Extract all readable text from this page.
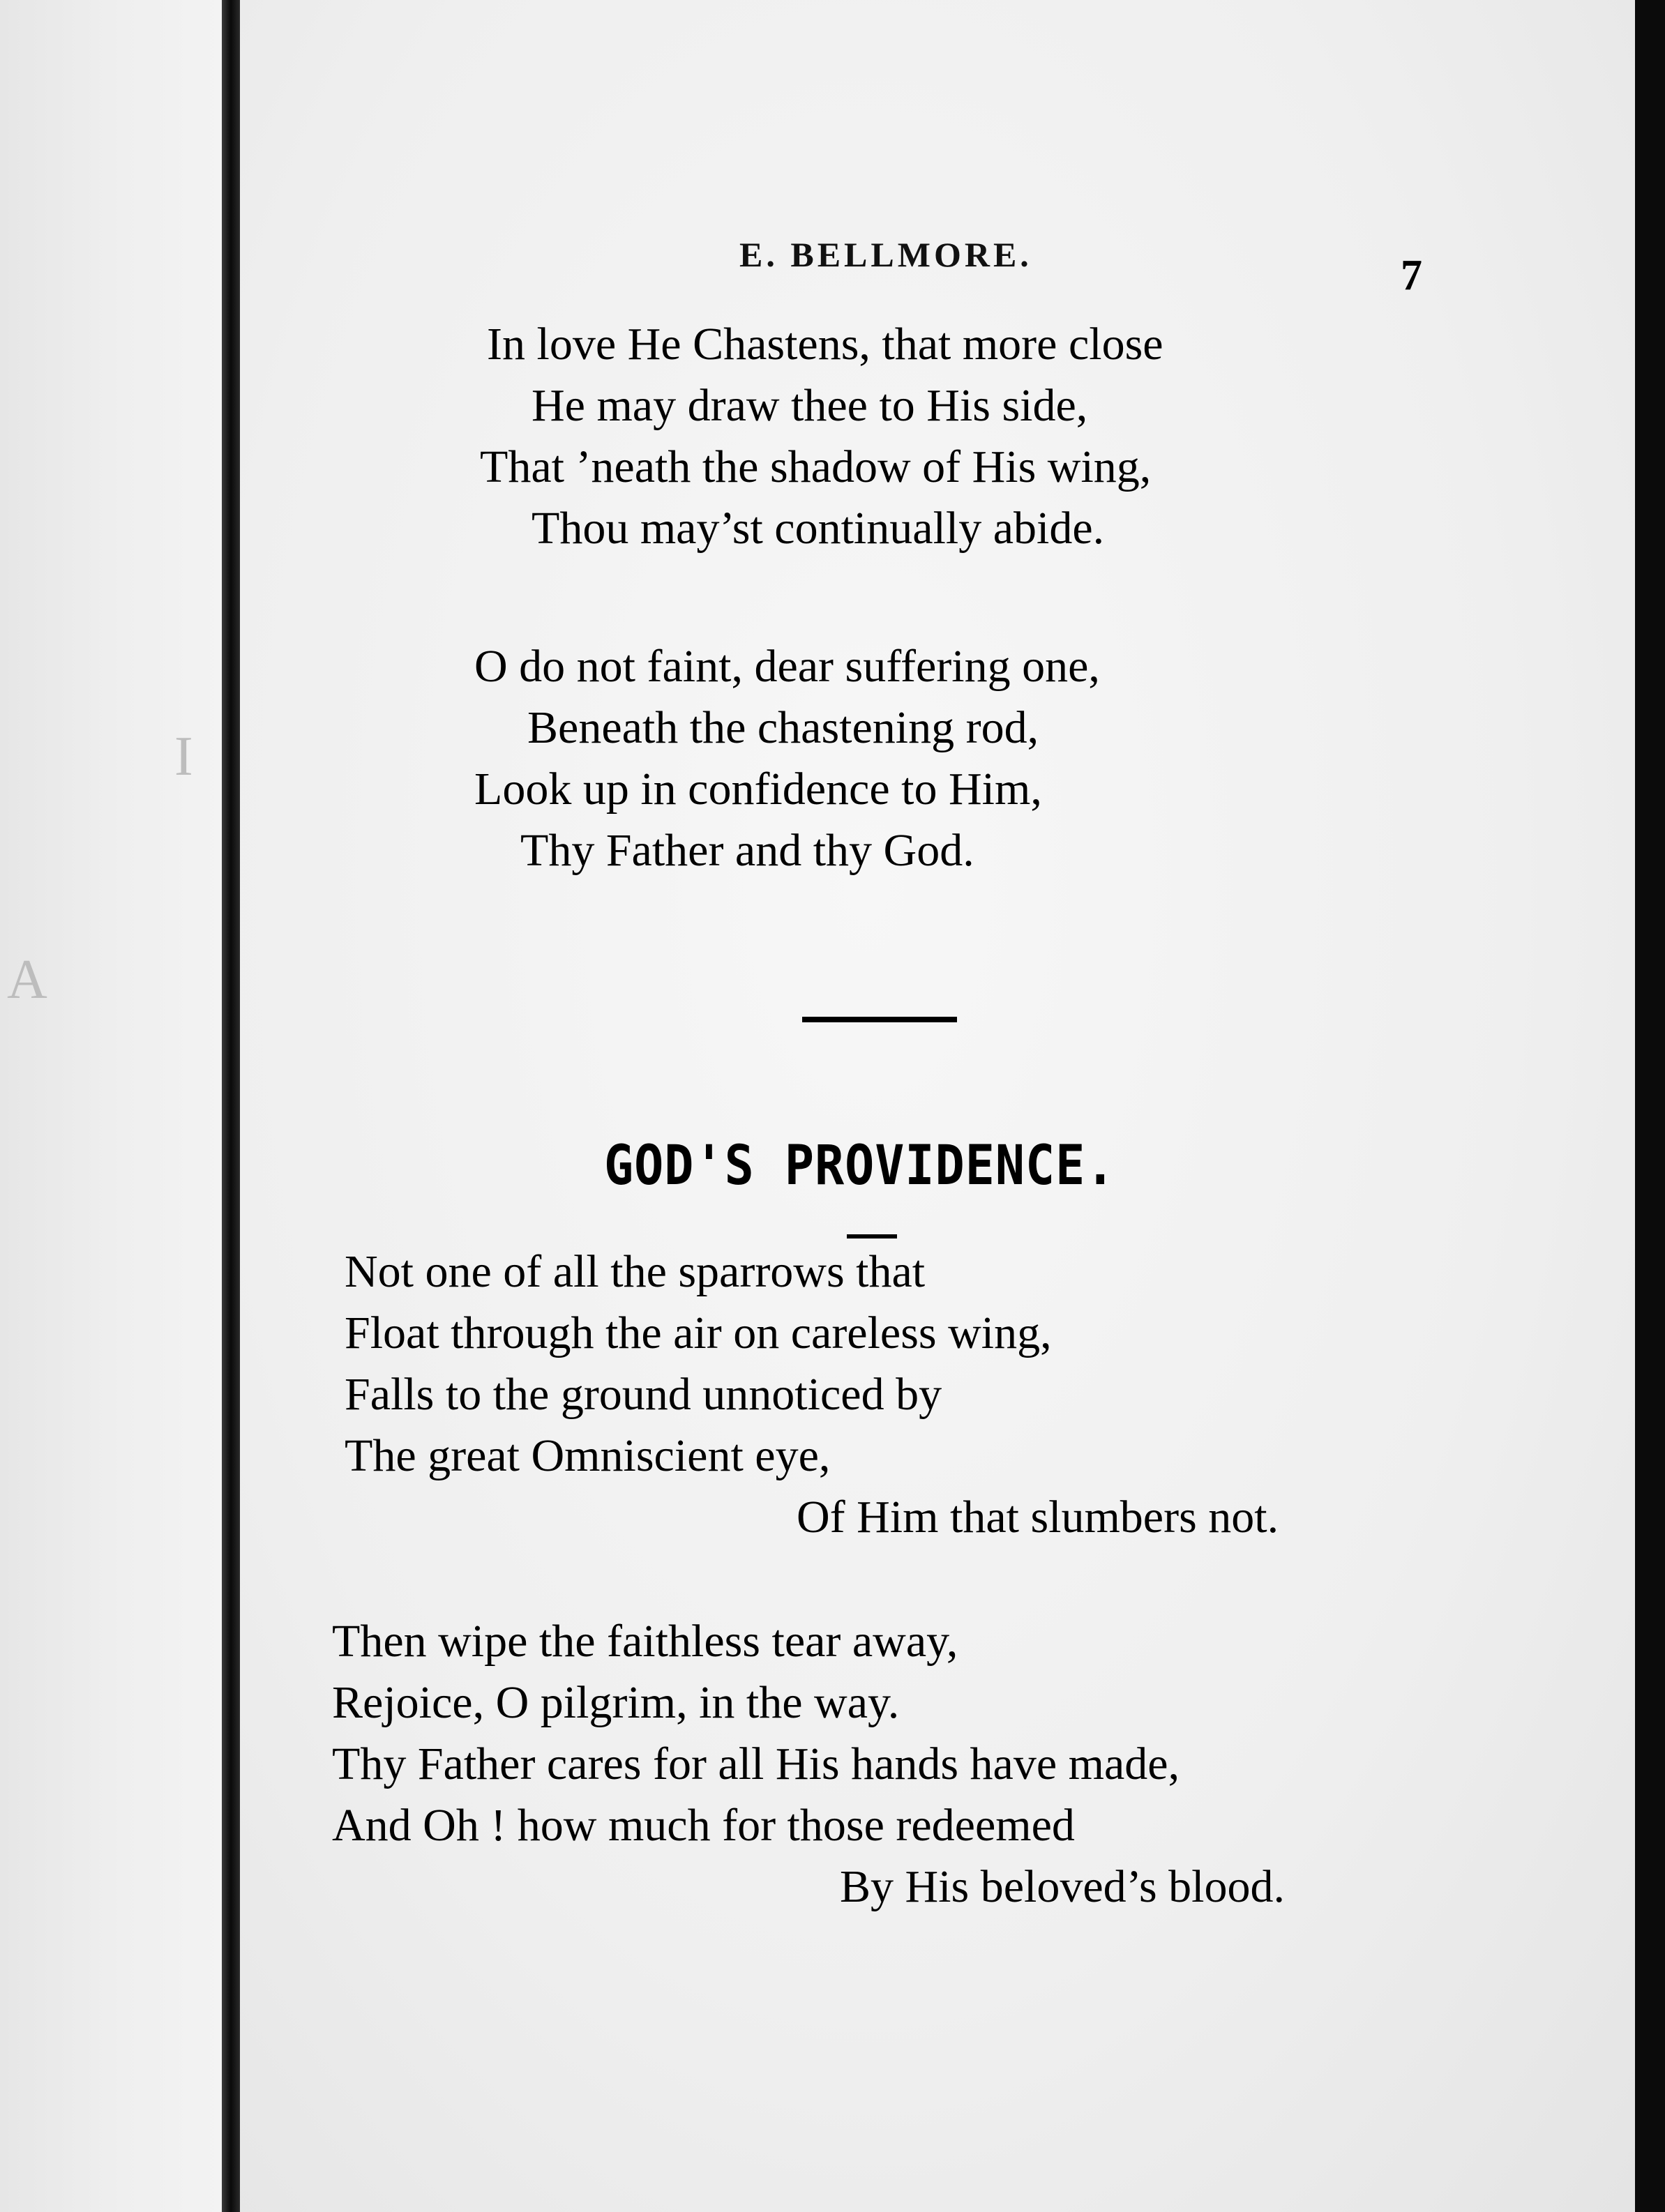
I
A
E. BELLMORE.	7

In love He Chastens, that more close
He may draw thee to His side,
That ’neath the shadow of His wing,
Thou may’st continually abide.
O do not faint, dear suffering one,
Beneath the chastening rod,
Look up in confidence to Him,
Thy Father and thy God.
GOD'S PROVIDENCE.
Not one of all the sparrows that
Float through the air on careless wing,
Falls to the ground unnoticed by
The great Omniscient eye,
Of Him that slumbers not.
Then wipe the faithless tear away,
Rejoice, O pilgrim, in the way.
Thy Father cares for all His hands have made,
And Oh ! how much for those redeemed
By His beloved’s blood.
